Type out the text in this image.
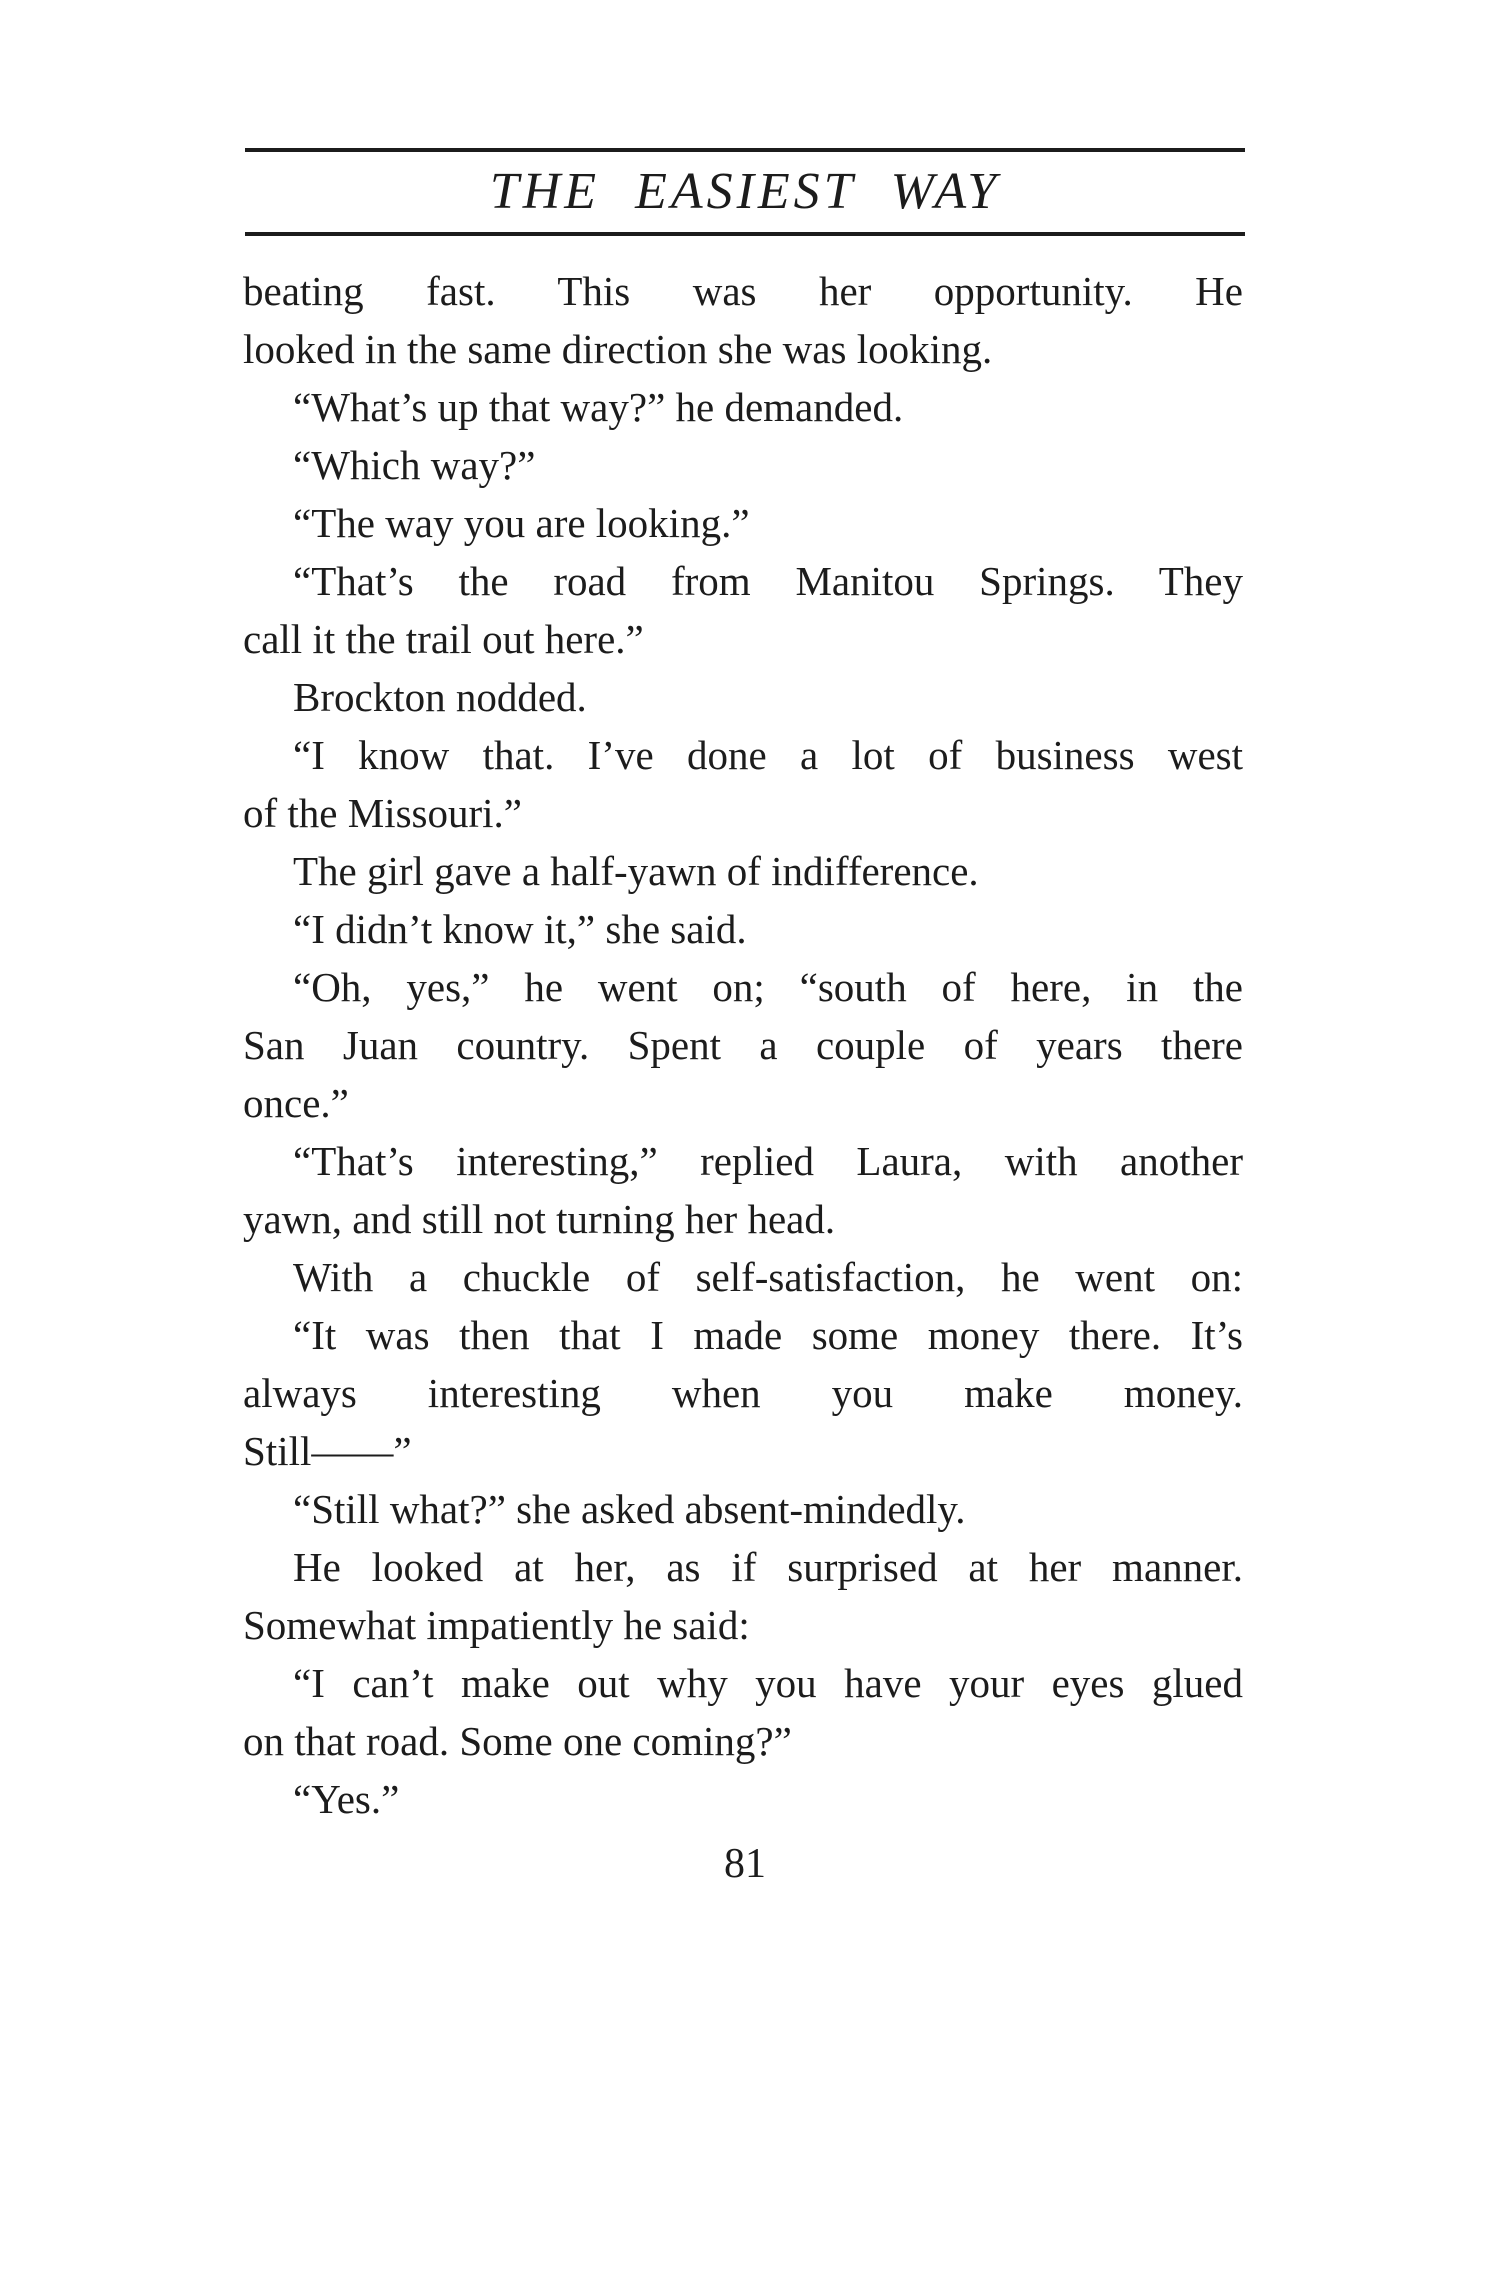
THE EASIEST WAY
beating fast. This was her opportunity. He
looked in the same direction she was looking.
“What’s up that way?” he demanded.
“Which way?”
“The way you are looking.”
“That’s the road from Manitou Springs. They
call it the trail out here.”
Brockton nodded.
“I know that. I’ve done a lot of business west
of the Missouri.”
The girl gave a half-yawn of indifference.
“I didn’t know it,” she said.
“Oh, yes,” he went on; “south of here, in the
San Juan country. Spent a couple of years there
once.”
“That’s interesting,” replied Laura, with another
yawn, and still not turning her head.
With a chuckle of self-satisfaction, he went on:
“It was then that I made some money there. It’s
always interesting when you make money.
Still——”
“Still what?” she asked absent-mindedly.
He looked at her, as if surprised at her manner.
Somewhat impatiently he said:
“I can’t make out why you have your eyes glued
on that road. Some one coming?”
“Yes.”
81
